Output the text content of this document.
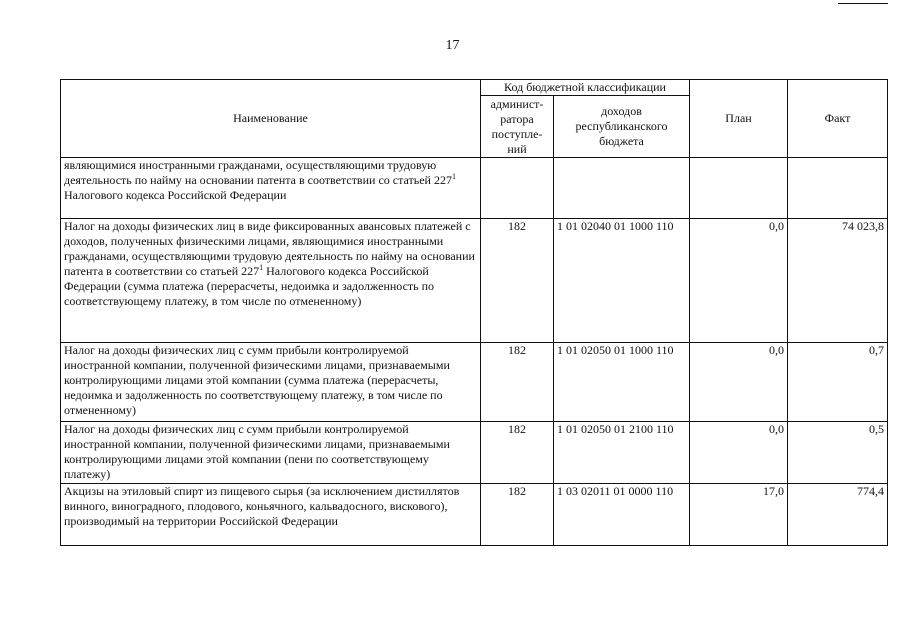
17
Наименование	Код бюджетной классификации		План	Факт
	админист-ратора поступле-ний	доходов республиканского бюджета		
являющимися иностранными гражданами, осуществляющими трудовую деятельность по найму на основании патента в соответствии со статьей $227^1$ Налогового кодекса Российской Федерации				
Налог на доходы физических лиц в виде фиксированных авансовых платежей с доходов, полученных физическими лицами, являющимися иностранными гражданами, осуществляющими трудовую деятельность по найму на основании патента в соответствии со статьей $227^1$ Налогового кодекса Российской Федерации (сумма платежа (перерасчеты, недоимка и задолженность по соответствующему платежу, в том числе по отмененному)	182	1 01 02040 01 1000 110	0,0	74 023,8
Налог на доходы физических лиц с сумм прибыли контролируемой иностранной компании, полученной физическими лицами, признаваемыми контролирующими лицами этой компании (сумма платежа (перерасчеты, недоимка и задолженность по соответствующему платежу, в том числе по отмененному)	182	1 01 02050 01 1000 110	0,0	0,7
Налог на доходы физических лиц с сумм прибыли контролируемой иностранной компании, полученной физическими лицами, признаваемыми контролирующими лицами этой компании (пени по соответствующему платежу)	182	1 01 02050 01 2100 110	0,0	0,5
Акцизы на этиловый спирт из пищевого сырья (за исключением дистиллятов винного, виноградного, плодового, коньячного, кальвадосного, вискового), производимый на территории Российской Федерации	182	1 03 02011 01 0000 110	17,0	774,4
